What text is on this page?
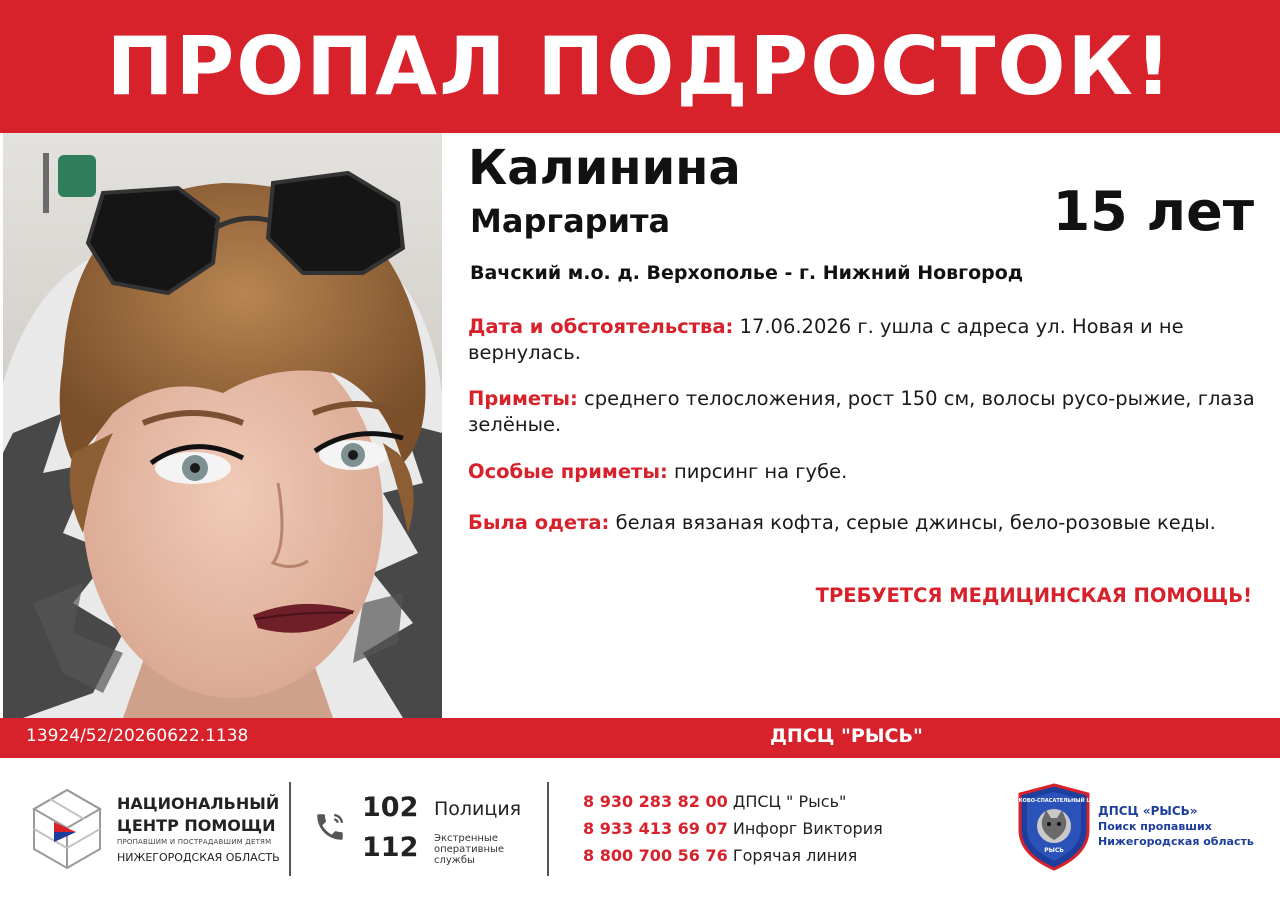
ПРОПАЛ ПОДРОСТОК!
Калинина
Маргарита	15 лет
Вачский м.о. д. Верхополье - г. Нижний Новгород
Дата и обстоятельства: 17.06.2026 г. ушла с адреса ул. Новая и не вернулась.
Приметы: среднего телосложения, рост 150 см, волосы русо-рыжие, глаза зелёные.
Особые приметы: пирсинг на губе.
Была одета: белая вязаная кофта, серые джинсы, бело-розовые кеды.
ТРЕБУЕТСЯ МЕДИЦИНСКАЯ ПОМОЩЬ!
13924/52/20260622.1138	ДПСЦ "РЫСЬ"
НАЦИОНАЛЬНЫЙ
ЦЕНТР ПОМОЩИ
ПРОПАВШИМ И ПОСТРАДАВШИМ ДЕТЯМ
НИЖЕГОРОДСКАЯ ОБЛАСТЬ
102 Полиция
112 Экстренные оперативные службы
8 930 283 82 00 ДПСЦ " Рысь"
8 933 413 69 07 Инфорг Виктория
8 800 700 56 76 Горячая линия
ПОИСКОВО-СПАСАТЕЛЬНЫЙ ЦЕНТР
РЫСЬ
ДПСЦ «РЫСЬ»
Поиск пропавших
Нижегородская область
